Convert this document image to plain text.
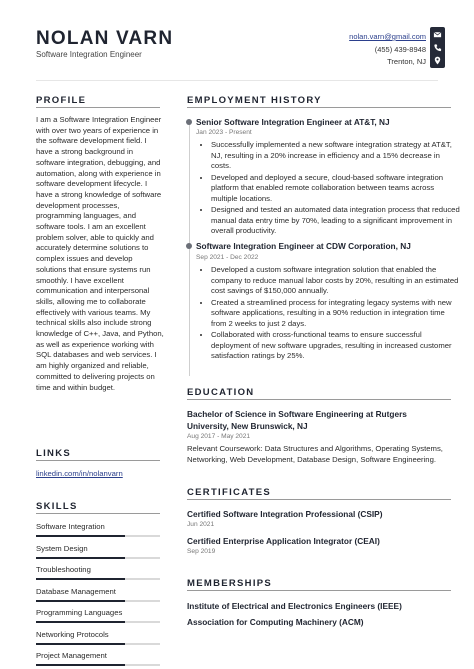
NOLAN VARN
Software Integration Engineer
nolan.varn@gmail.com
(455) 439-8948
Trenton, NJ
PROFILE
I am a Software Integration Engineer with over two years of experience in the software development field. I have a strong background in software integration, debugging, and automation, along with experience in software development lifecycle. I have a strong knowledge of software development processes, programming languages, and software tools. I am an excellent problem solver, able to quickly and accurately determine solutions to complex issues and develop solutions that ensure systems run smoothly. I have excellent communication and interpersonal skills, allowing me to collaborate effectively with various teams. My technical skills also include strong knowledge of C++, Java, and Python, as well as experience working with SQL databases and web services. I am highly organized and reliable, committed to delivering projects on time and within budget.
LINKS
linkedin.com/in/nolanvarn
SKILLS
Software Integration
System Design
Troubleshooting
Database Management
Programming Languages
Networking Protocols
Project Management
EMPLOYMENT HISTORY
Senior Software Integration Engineer at AT&T, NJ
Jan 2023 - Present
• Successfully implemented a new software integration strategy at AT&T, NJ, resulting in a 20% increase in efficiency and a 15% decrease in costs.
• Developed and deployed a secure, cloud-based software integration platform that enabled remote collaboration between teams across multiple locations.
• Designed and tested an automated data integration process that reduced manual data entry time by 70%, leading to a significant improvement in overall productivity.
Software Integration Engineer at CDW Corporation, NJ
Sep 2021 - Dec 2022
• Developed a custom software integration solution that enabled the company to reduce manual labor costs by 20%, resulting in an estimated cost savings of $150,000 annually.
• Created a streamlined process for integrating legacy systems with new software applications, resulting in a 90% reduction in integration time from 2 weeks to just 2 days.
• Collaborated with cross-functional teams to ensure successful deployment of new software upgrades, resulting in increased customer satisfaction ratings by 25%.
EDUCATION
Bachelor of Science in Software Engineering at Rutgers University, New Brunswick, NJ
Aug 2017 - May 2021
Relevant Coursework: Data Structures and Algorithms, Operating Systems, Networking, Web Development, Database Design, Software Engineering.
CERTIFICATES
Certified Software Integration Professional (CSIP)
Jun 2021
Certified Enterprise Application Integrator (CEAI)
Sep 2019
MEMBERSHIPS
Institute of Electrical and Electronics Engineers (IEEE)
Association for Computing Machinery (ACM)
